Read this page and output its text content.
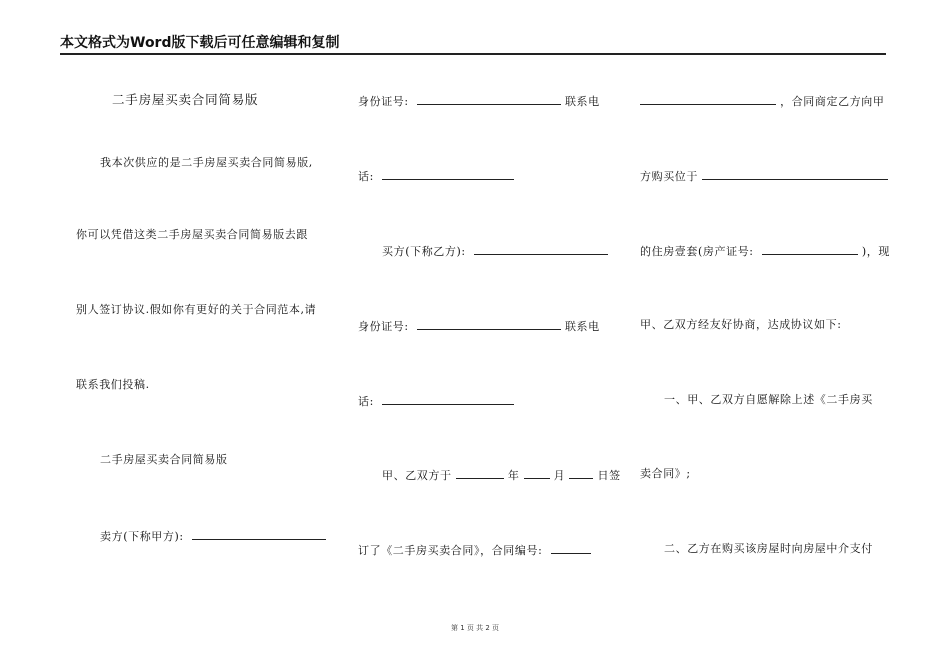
本文格式为Word版下载后可任意编辑和复制
二手房屋买卖合同简易版
我本次供应的是二手房屋买卖合同简易版,
你可以凭借这类二手房屋买卖合同简易版去跟
别人签订协议.假如你有更好的关于合同范本,请
联系我们投稿.
二手房屋买卖合同简易版
卖方(下称甲方):
身份证号:	联系电
话:
买方(下称乙方):
身份证号:	联系电
话:
甲、乙双方于	年	月	日签
订了《二手房买卖合同》，合同编号:
，合同商定乙方向甲
方购买位于
的住房壹套(房产证号:	)，现
甲、乙双方经友好协商，达成协议如下:
一、甲、乙双方自愿解除上述《二手房买
卖合同》;
二、乙方在购买该房屋时向房屋中介支付
第 1 页 共 2 页
